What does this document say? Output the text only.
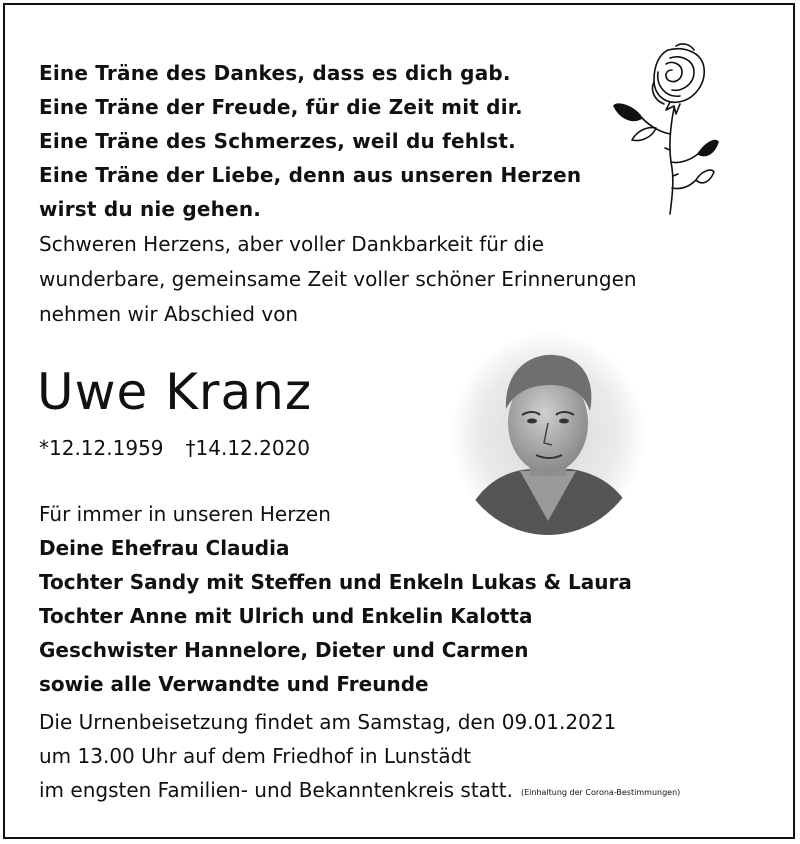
Eine Träne des Dankes, dass es dich gab.
Eine Träne der Freude, für die Zeit mit dir.
Eine Träne des Schmerzes, weil du fehlst.
Eine Träne der Liebe, denn aus unseren Herzen
wirst du nie gehen.
Schweren Herzens, aber voller Dankbarkeit für die
wunderbare, gemeinsame Zeit voller schöner Erinnerungen
nehmen wir Abschied von
Uwe Kranz
*12.12.1959 †14.12.2020
Für immer in unseren Herzen
Deine Ehefrau Claudia
Tochter Sandy mit Steffen und Enkeln Lukas & Laura
Tochter Anne mit Ulrich und Enkelin Kalotta
Geschwister Hannelore, Dieter und Carmen
sowie alle Verwandte und Freunde
Die Urnenbeisetzung findet am Samstag, den 09.01.2021
um 13.00 Uhr auf dem Friedhof in Lunstädt
im engsten Familien- und Bekanntenkreis statt. (Einhaltung der Corona-Bestimmungen)
